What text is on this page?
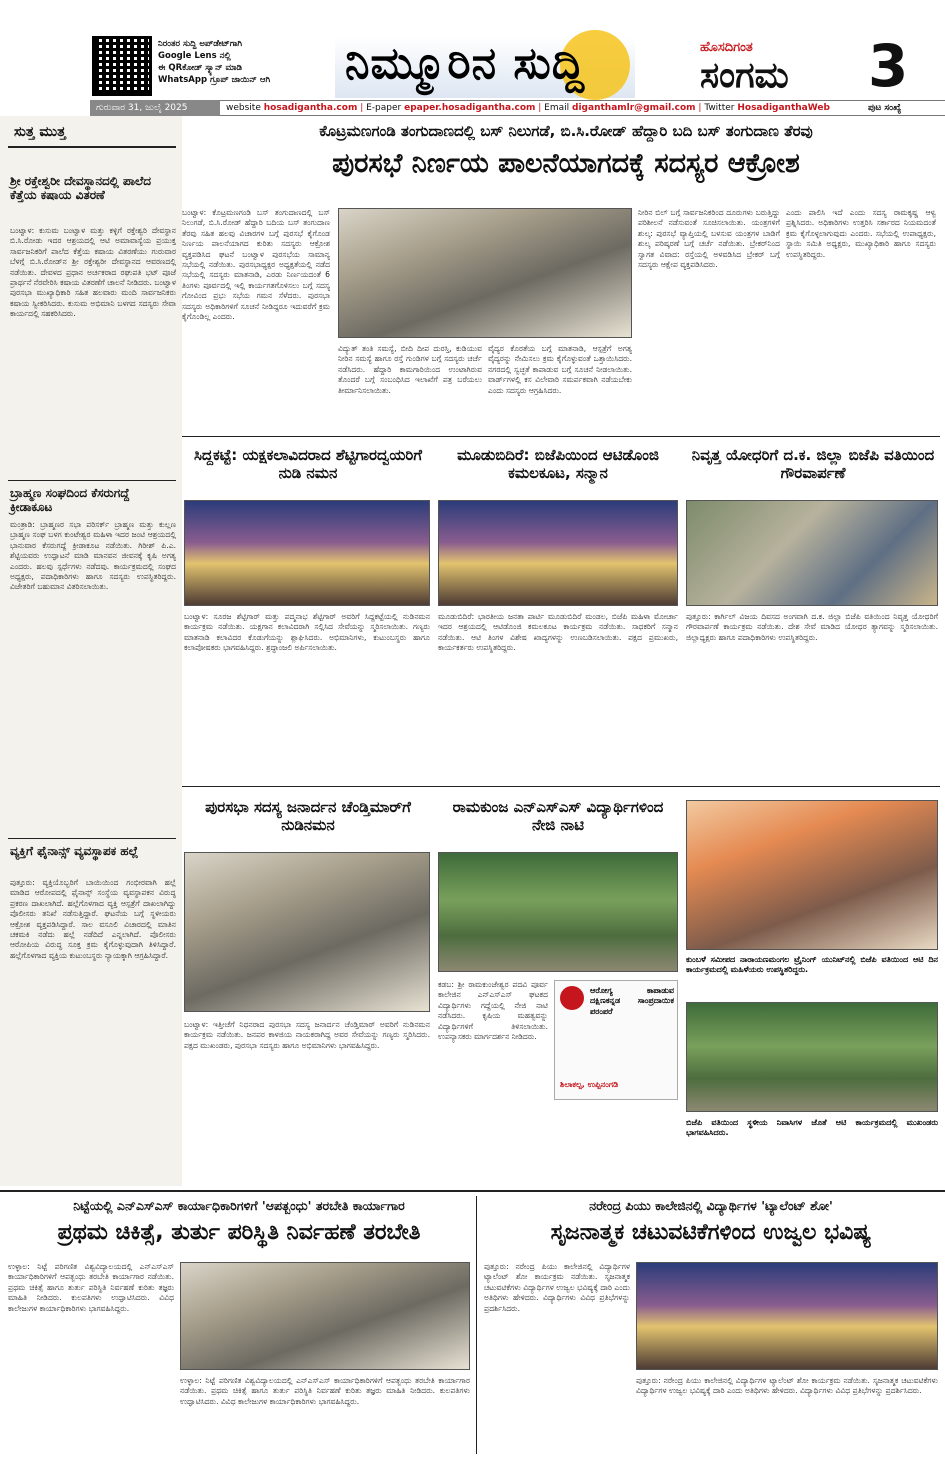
ನಿರಂತರ ಸುದ್ದಿ ಅಪ್‌ಡೇಟ್‌ಗಾಗಿ
Google Lens ನಲ್ಲಿ
ಈ QRಕೋಡ್ ಸ್ಕ್ಯಾನ್ ಮಾಡಿ
WhatsApp ಗ್ರೂಪ್ ಜಾಯಿನ್ ಆಗಿ	ನಿಮ್ಮೂರಿನ ಸುದ್ದಿ	ಹೊಸದಿಗಂತ
ಸಂಗಮ 3
ಗುರುವಾರ 31, ಜುಲೈ 2025	website hosadigantha.com | E-paper epaper.hosadigantha.com | Email diganthamlr@gmail.com | Twitter HosadiganthaWeb	ಪುಟ ಸಂಖ್ಯೆ
ಸುತ್ತ ಮುತ್ತ
ಶ್ರೀ ರಕ್ತೇಶ್ವರೀ ದೇವಸ್ಥಾನದಲ್ಲಿ ಪಾಲೆದ ಕೆತ್ತೆಯ ಕಷಾಯ ವಿತರಣೆ
ಬಂಟ್ವಾಳ: ಕುಸುಮ ಬಂಟ್ವಾಳ ಮತ್ತು ಕಳ್ಳಿಗೆ ರಕ್ತೇಶ್ವರಿ ದೇವಸ್ಥಾನ ಬಿ.ಸಿ.ರೋಡು ಇದರ ಆಶ್ರಯದಲ್ಲಿ ಆಟಿ ಅಮಾವಾಸ್ಯೆಯ ಪ್ರಯುಕ್ತ ಸಾರ್ವಜನಿಕರಿಗೆ ಪಾಲೆದ ಕೆತ್ತೆಯ ಕಷಾಯ ವಿತರಣೆಯು ಗುರುವಾರ ಬೆಳಗ್ಗೆ ಬಿ.ಸಿ.ರೋಡ್‌ನ ಶ್ರೀ ರಕ್ತೇಶ್ವರೀ ದೇವಸ್ಥಾನದ ಆವರಣದಲ್ಲಿ ನಡೆಯಿತು. ದೇವಳದ ಪ್ರಧಾನ ಅರ್ಚಕರಾದ ರಘುಪತಿ ಭಟ್ ಪೂಜೆ ಪ್ರಾರ್ಥನೆ ನೆರವೇರಿಸಿ ಕಷಾಯ ವಿತರಣೆಗೆ ಚಾಲನೆ ನೀಡಿದರು. ಬಂಟ್ವಾಳ ಪುರಸಭಾ ಮುಖ್ಯಾಧಿಕಾರಿ ಸಹಿತ ಹಲವಾರು ಮಂದಿ ಸಾರ್ವಜನಿಕರು ಕಷಾಯ ಸ್ವೀಕರಿಸಿದರು. ಕುಸುಮ ಅಭಿಮಾನಿ ಬಳಗದ ಸದಸ್ಯರು ಸೇವಾ ಕಾರ್ಯದಲ್ಲಿ ಸಹಕರಿಸಿದರು.
ಬ್ರಾಹ್ಮಣ ಸಂಘದಿಂದ ಕೆಸರುಗದ್ದೆ ಕ್ರೀಡಾಕೂಟ
ಮಂತ್ರಾಡಿ: ಬ್ರಾಹ್ಮಣರ ಸಭಾ ಪರಿಸರ್ಕ್ ಬ್ರಾಹ್ಮಣ ಮತ್ತು ಕುಲ್ಲಣ ಬ್ರಾಹ್ಮಣ ಸಂಘ ಬಳಗ ಕುಂಟೇಶ್ವರ ಮಹಿಳಾ ಇದರ ಜಂಟಿ ಆಶ್ರಯದಲ್ಲಿ ಭಾನುವಾರ ಕೆಸರುಗದ್ದೆ ಕ್ರೀಡಾಕೂಟ ನಡೆಯಿತು. ಗಿರೀಶ್ ಪಿ.ಎ. ಶೆಟ್ಟಿಯವರು ಉದ್ಘಾಟನೆ ಮಾಡಿ ಮಾನವನ ಜೀವನಕ್ಕೆ ಕೃಷಿ ಅಗತ್ಯ ಎಂದರು. ಹಲವು ಸ್ಪರ್ಧೆಗಳು ನಡೆದವು. ಕಾರ್ಯಕ್ರಮದಲ್ಲಿ ಸಂಘದ ಅಧ್ಯಕ್ಷರು, ಪದಾಧಿಕಾರಿಗಳು ಹಾಗೂ ಸದಸ್ಯರು ಉಪಸ್ಥಿತರಿದ್ದರು. ವಿಜೇತರಿಗೆ ಬಹುಮಾನ ವಿತರಿಸಲಾಯಿತು.
ವ್ಯಕ್ತಿಗೆ ಫೈನಾನ್ಸ್ ವ್ಯವಸ್ಥಾಪಕ ಹಲ್ಲೆ
ಪುತ್ತೂರು: ವ್ಯಕ್ತಿಯೊಬ್ಬರಿಗೆ ಬಾಯಿಯಿಂದ ಗಂಭೀರವಾಗಿ ಹಲ್ಲೆ ಮಾಡಿದ ಆರೋಪದಲ್ಲಿ ಫೈನಾನ್ಸ್ ಸಂಸ್ಥೆಯ ವ್ಯವಸ್ಥಾಪಕನ ವಿರುದ್ಧ ಪ್ರಕರಣ ದಾಖಲಾಗಿದೆ. ಹಲ್ಲೆಗೊಳಗಾದ ವ್ಯಕ್ತಿ ಆಸ್ಪತ್ರೆಗೆ ದಾಖಲಾಗಿದ್ದು ಪೊಲೀಸರು ತನಿಖೆ ನಡೆಸುತ್ತಿದ್ದಾರೆ. ಘಟನೆಯ ಬಗ್ಗೆ ಸ್ಥಳೀಯರು ಆಕ್ರೋಶ ವ್ಯಕ್ತಪಡಿಸಿದ್ದಾರೆ. ಸಾಲ ವಸೂಲಿ ವಿಚಾರದಲ್ಲಿ ಮಾತಿನ ಚಕಮಕಿ ನಡೆದು ಹಲ್ಲೆ ನಡೆದಿದೆ ಎನ್ನಲಾಗಿದೆ. ಪೊಲೀಸರು ಆರೋಪಿಯ ವಿರುದ್ಧ ಸೂಕ್ತ ಕ್ರಮ ಕೈಗೊಳ್ಳುವುದಾಗಿ ತಿಳಿಸಿದ್ದಾರೆ. ಹಲ್ಲೆಗೊಳಗಾದ ವ್ಯಕ್ತಿಯ ಕುಟುಂಬಸ್ಥರು ನ್ಯಾಯಕ್ಕಾಗಿ ಆಗ್ರಹಿಸಿದ್ದಾರೆ.
ಕೊಟ್ರಮಣಗಂಡಿ ತಂಗುದಾಣದಲ್ಲಿ ಬಸ್ ನಿಲುಗಡೆ, ಬಿ.ಸಿ.ರೋಡ್ ಹೆದ್ದಾರಿ ಬದಿ ಬಸ್ ತಂಗುದಾಣ ತೆರವು
ಪುರಸಭೆ ನಿರ್ಣಯ ಪಾಲನೆಯಾಗದಕ್ಕೆ ಸದಸ್ಯರ ಆಕ್ರೋಶ
ಬಂಟ್ವಾಳ: ಕೊಟ್ರಮಣಗಂಡಿ ಬಸ್ ತಂಗುದಾಣದಲ್ಲಿ ಬಸ್ ನಿಲುಗಡೆ, ಬಿ.ಸಿ.ರೋಡ್ ಹೆದ್ದಾರಿ ಬದಿಯ ಬಸ್ ತಂಗುದಾಣ ತೆರವು ಸಹಿತ ಹಲವು ವಿಚಾರಗಳ ಬಗ್ಗೆ ಪುರಸಭೆ ಕೈಗೊಂಡ ನಿರ್ಣಯ ಪಾಲನೆಯಾಗದ ಕುರಿತು ಸದಸ್ಯರು ಆಕ್ರೋಶ ವ್ಯಕ್ತಪಡಿಸಿದ ಘಟನೆ ಬಂಟ್ವಾಳ ಪುರಸಭೆಯ ಸಾಮಾನ್ಯ ಸಭೆಯಲ್ಲಿ ನಡೆಯಿತು. ಪುರಸಭಾಧ್ಯಕ್ಷರ ಅಧ್ಯಕ್ಷತೆಯಲ್ಲಿ ನಡೆದ ಸಭೆಯಲ್ಲಿ ಸದಸ್ಯರು ಮಾತನಾಡಿ, ಎರಡು ನಿರ್ಣಯದಂತೆ 6 ತಿಂಗಳು ಪೂರ್ವದಲ್ಲಿ ಇಲ್ಲಿ ಕಾರ್ಯಗತಗೊಳಿಸಲು ಬಗ್ಗೆ ಸದಸ್ಯ ಗೋವಿಂದ ಪ್ರಭು ಸಭೆಯ ಗಮನ ಸೆಳೆದರು. ಪುರಸಭಾ ಸದಸ್ಯರು ಅಧಿಕಾರಿಗಳಿಗೆ ಸೂಚನೆ ನೀಡಿದ್ದರೂ ಇದುವರೆಗೆ ಕ್ರಮ ಕೈಗೊಂಡಿಲ್ಲ ಎಂದರು.
ವಿದ್ಯುತ್ ತಂತಿ ಸಮಸ್ಯೆ, ಬೀದಿ ದೀಪ ದುರಸ್ತಿ, ಕುಡಿಯುವ ನೀರಿನ ಸಮಸ್ಯೆ ಹಾಗೂ ರಸ್ತೆ ಗುಂಡಿಗಳ ಬಗ್ಗೆ ಸದಸ್ಯರು ಚರ್ಚೆ ನಡೆಸಿದರು. ಹೆದ್ದಾರಿ ಕಾಮಗಾರಿಯಿಂದ ಉಂಟಾಗಿರುವ ತೊಂದರೆ ಬಗ್ಗೆ ಸಂಬಂಧಿಸಿದ ಇಲಾಖೆಗೆ ಪತ್ರ ಬರೆಯಲು ತೀರ್ಮಾನಿಸಲಾಯಿತು.
ವೈದ್ಯರ ಕೊರತೆಯ ಬಗ್ಗೆ ಮಾತನಾಡಿ, ಆಸ್ಪತ್ರೆಗೆ ಅಗತ್ಯ ವೈದ್ಯರನ್ನು ನೇಮಿಸಲು ಕ್ರಮ ಕೈಗೊಳ್ಳುವಂತೆ ಒತ್ತಾಯಿಸಿದರು. ನಗರದಲ್ಲಿ ಸ್ವಚ್ಛತೆ ಕಾಪಾಡುವ ಬಗ್ಗೆ ಸೂಚನೆ ನೀಡಲಾಯಿತು. ವಾರ್ಡ್‌ಗಳಲ್ಲಿ ಕಸ ವಿಲೇವಾರಿ ಸಮರ್ಪಕವಾಗಿ ನಡೆಯಬೇಕು ಎಂದು ಸದಸ್ಯರು ಆಗ್ರಹಿಸಿದರು.
ನೀರಿನ ಬಿಲ್ ಬಗ್ಗೆ ಸಾರ್ವಜನಿಕರಿಂದ ದೂರುಗಳು ಬರುತ್ತಿದ್ದು ಪರಿಶೀಲನೆ ನಡೆಸುವಂತೆ ಸೂಚಿಸಲಾಯಿತು. ಯಂತ್ರಗಳಿಗೆ ಶುಲ್ಕ: ಪುರಸಭೆ ವ್ಯಾಪ್ತಿಯಲ್ಲಿ ಬಳಸುವ ಯಂತ್ರಗಳ ಬಾಡಿಗೆ ಶುಲ್ಕ ಪರಿಷ್ಕರಣೆ ಬಗ್ಗೆ ಚರ್ಚೆ ನಡೆಯಿತು. ಬ್ರೇಕರ್‌ನಿಂದ ಸ್ವಾಗತ ವಿವಾದ: ರಸ್ತೆಯಲ್ಲಿ ಅಳವಡಿಸಿದ ಬ್ರೇಕರ್ ಬಗ್ಗೆ ಸದಸ್ಯರು ಆಕ್ಷೇಪ ವ್ಯಕ್ತಪಡಿಸಿದರು.
ಎಂದು ಪಾಲಿಸಿ ಇದೆ ಎಂದು ಸದಸ್ಯ ರಾಮಕೃಷ್ಣ ಆಳ್ವ ಪ್ರಶ್ನಿಸಿದರು. ಅಧಿಕಾರಿಗಳು ಉತ್ತರಿಸಿ ಸರ್ಕಾರದ ನಿಯಮದಂತೆ ಕ್ರಮ ಕೈಗೊಳ್ಳಲಾಗುವುದು ಎಂದರು. ಸಭೆಯಲ್ಲಿ ಉಪಾಧ್ಯಕ್ಷರು, ಸ್ಥಾಯಿ ಸಮಿತಿ ಅಧ್ಯಕ್ಷರು, ಮುಖ್ಯಾಧಿಕಾರಿ ಹಾಗೂ ಸದಸ್ಯರು ಉಪಸ್ಥಿತರಿದ್ದರು.
ಸಿದ್ದಕಟ್ಟೆ: ಯಕ್ಷಕಲಾವಿದರಾದ ಶೆಟ್ಟಿಗಾರದ್ವಯರಿಗೆ ನುಡಿ ನಮನ
ಬಂಟ್ವಾಳ: ಸೂರಜ ಶೆಟ್ಟಿಗಾರ್ ಮತ್ತು ಪದ್ಮನಾಭ ಶೆಟ್ಟಿಗಾರ್ ಅವರಿಗೆ ಸಿದ್ದಕಟ್ಟೆಯಲ್ಲಿ ನುಡಿನಮನ ಕಾರ್ಯಕ್ರಮ ನಡೆಯಿತು. ಯಕ್ಷಗಾನ ಕಲಾವಿದರಾಗಿ ಸಲ್ಲಿಸಿದ ಸೇವೆಯನ್ನು ಸ್ಮರಿಸಲಾಯಿತು. ಗಣ್ಯರು ಮಾತನಾಡಿ ಕಲಾವಿದರ ಕೊಡುಗೆಯನ್ನು ಶ್ಲಾಘಿಸಿದರು. ಅಭಿಮಾನಿಗಳು, ಕುಟುಂಬಸ್ಥರು ಹಾಗೂ ಕಲಾಪೋಷಕರು ಭಾಗವಹಿಸಿದ್ದರು. ಶ್ರದ್ಧಾಂಜಲಿ ಅರ್ಪಿಸಲಾಯಿತು.
ಮೂಡುಬಿದಿರೆ: ಬಿಜೆಪಿಯಿಂದ ಆಟಿಡೊಂಜಿ ಕಮಲಕೂಟ, ಸನ್ಮಾನ
ಮೂಡುಬಿದಿರೆ: ಭಾರತೀಯ ಜನತಾ ಪಾರ್ಟಿ ಮೂಡುಬಿದಿರೆ ಮಂಡಲ, ಬಿಜೆಪಿ ಮಹಿಳಾ ಮೋರ್ಚಾ ಇದರ ಆಶ್ರಯದಲ್ಲಿ ಆಟಿಡೊಂಜಿ ಕಮಲಕೂಟ ಕಾರ್ಯಕ್ರಮ ನಡೆಯಿತು. ಸಾಧಕರಿಗೆ ಸನ್ಮಾನ ನಡೆಯಿತು. ಆಟಿ ತಿಂಗಳ ವಿಶೇಷ ಖಾದ್ಯಗಳನ್ನು ಉಣಬಡಿಸಲಾಯಿತು. ಪಕ್ಷದ ಪ್ರಮುಖರು, ಕಾರ್ಯಕರ್ತರು ಉಪಸ್ಥಿತರಿದ್ದರು.
ನಿವೃತ್ತ ಯೋಧರಿಗೆ ದ.ಕ. ಜಿಲ್ಲಾ ಬಿಜೆಪಿ ವತಿಯಿಂದ ಗೌರವಾರ್ಪಣೆ
ಪುತ್ತೂರು: ಕಾರ್ಗಿಲ್ ವಿಜಯ ದಿವಸದ ಅಂಗವಾಗಿ ದ.ಕ. ಜಿಲ್ಲಾ ಬಿಜೆಪಿ ವತಿಯಿಂದ ನಿವೃತ್ತ ಯೋಧರಿಗೆ ಗೌರವಾರ್ಪಣೆ ಕಾರ್ಯಕ್ರಮ ನಡೆಯಿತು. ದೇಶ ಸೇವೆ ಮಾಡಿದ ಯೋಧರ ತ್ಯಾಗವನ್ನು ಸ್ಮರಿಸಲಾಯಿತು. ಜಿಲ್ಲಾಧ್ಯಕ್ಷರು ಹಾಗೂ ಪದಾಧಿಕಾರಿಗಳು ಉಪಸ್ಥಿತರಿದ್ದರು.
ಪುರಸಭಾ ಸದಸ್ಯ ಜನಾರ್ದನ ಚೆಂಡ್ತಿಮಾರ್‌ಗೆ ನುಡಿನಮನ
ಬಂಟ್ವಾಳ: ಇತ್ತೀಚೆಗೆ ನಿಧನರಾದ ಪುರಸಭಾ ಸದಸ್ಯ ಜನಾರ್ದನ ಚೆಂಡ್ತಿಮಾರ್ ಅವರಿಗೆ ನುಡಿನಮನ ಕಾರ್ಯಕ್ರಮ ನಡೆಯಿತು. ಜನಪರ ಕಾಳಜಿಯ ನಾಯಕರಾಗಿದ್ದ ಅವರ ಸೇವೆಯನ್ನು ಗಣ್ಯರು ಸ್ಮರಿಸಿದರು. ಪಕ್ಷದ ಮುಖಂಡರು, ಪುರಸಭಾ ಸದಸ್ಯರು ಹಾಗೂ ಅಭಿಮಾನಿಗಳು ಭಾಗವಹಿಸಿದ್ದರು.
ರಾಮಕುಂಜ ಎನ್‌ಎಸ್‌ಎಸ್ ವಿದ್ಯಾರ್ಥಿಗಳಿಂದ ನೇಜಿ ನಾಟಿ
ಕಡಬ: ಶ್ರೀ ರಾಮಕುಂಜೇಶ್ವರ ಪದವಿ ಪೂರ್ವ ಕಾಲೇಜಿನ ಎನ್‌ಎಸ್‌ಎಸ್ ಘಟಕದ ವಿದ್ಯಾರ್ಥಿಗಳು ಗದ್ದೆಯಲ್ಲಿ ನೇಜಿ ನಾಟಿ ನಡೆಸಿದರು. ಕೃಷಿಯ ಮಹತ್ವವನ್ನು ವಿದ್ಯಾರ್ಥಿಗಳಿಗೆ ತಿಳಿಸಲಾಯಿತು. ಉಪನ್ಯಾಸಕರು ಮಾರ್ಗದರ್ಶನ ನೀಡಿದರು.
ಆರೋಗ್ಯ ಕಾಪಾಡುವ ದಕ್ಷಿಣಕನ್ನಡ ಸಾಂಪ್ರದಾಯಿಕ ಪರಂಪರೆ
ಶಿಲಾಕಲ್ಪ, ಉಪ್ಪಿನಂಗಡಿ
ಕುಂಬಳೆ ಸಮೀಪದ ನಾರಾಯಣಮಂಗಲ ಟ್ರೈನಿಂಗ್ ಯುನಿಟ್‌ನಲ್ಲಿ ಬಿಜೆಪಿ ವತಿಯಿಂದ ಆಟಿ ದಿನ ಕಾರ್ಯಕ್ರಮದಲ್ಲಿ ಮಹಿಳೆಯರು ಉಪಸ್ಥಿತರಿದ್ದರು.
ಬಿಜೆಪಿ ವತಿಯಿಂದ ಸ್ಥಳೀಯ ನಿವಾಸಿಗಳ ಜೊತೆ ಆಟಿ ಕಾರ್ಯಕ್ರಮದಲ್ಲಿ ಮುಖಂಡರು ಭಾಗವಹಿಸಿದರು.
ನಿಟ್ಟೆಯಲ್ಲಿ ಎನ್ಎಸ್ಎಸ್ ಕಾರ್ಯಾಧಿಕಾರಿಗಳಿಗೆ 'ಆಪತ್ಬಂಧು' ತರಬೇತಿ ಕಾರ್ಯಾಗಾರ
ಪ್ರಥಮ ಚಿಕಿತ್ಸೆ, ತುರ್ತು ಪರಿಸ್ಥಿತಿ ನಿರ್ವಹಣೆ ತರಬೇತಿ
ಉಳ್ಳಾಲ: ನಿಟ್ಟೆ ಪರಿಗಣಿತ ವಿಶ್ವವಿದ್ಯಾಲಯದಲ್ಲಿ ಎನ್‌ಎಸ್‌ಎಸ್ ಕಾರ್ಯಾಧಿಕಾರಿಗಳಿಗೆ ಆಪತ್ಬಂಧು ತರಬೇತಿ ಕಾರ್ಯಾಗಾರ ನಡೆಯಿತು. ಪ್ರಥಮ ಚಿಕಿತ್ಸೆ ಹಾಗೂ ತುರ್ತು ಪರಿಸ್ಥಿತಿ ನಿರ್ವಹಣೆ ಕುರಿತು ತಜ್ಞರು ಮಾಹಿತಿ ನೀಡಿದರು. ಕುಲಪತಿಗಳು ಉದ್ಘಾಟಿಸಿದರು. ವಿವಿಧ ಕಾಲೇಜುಗಳ ಕಾರ್ಯಾಧಿಕಾರಿಗಳು ಭಾಗವಹಿಸಿದ್ದರು.
ಉಳ್ಳಾಲ: ನಿಟ್ಟೆ ಪರಿಗಣಿತ ವಿಶ್ವವಿದ್ಯಾಲಯದಲ್ಲಿ ಎನ್‌ಎಸ್‌ಎಸ್ ಕಾರ್ಯಾಧಿಕಾರಿಗಳಿಗೆ ಆಪತ್ಬಂಧು ತರಬೇತಿ ಕಾರ್ಯಾಗಾರ ನಡೆಯಿತು. ಪ್ರಥಮ ಚಿಕಿತ್ಸೆ ಹಾಗೂ ತುರ್ತು ಪರಿಸ್ಥಿತಿ ನಿರ್ವಹಣೆ ಕುರಿತು ತಜ್ಞರು ಮಾಹಿತಿ ನೀಡಿದರು. ಕುಲಪತಿಗಳು ಉದ್ಘಾಟಿಸಿದರು. ವಿವಿಧ ಕಾಲೇಜುಗಳ ಕಾರ್ಯಾಧಿಕಾರಿಗಳು ಭಾಗವಹಿಸಿದ್ದರು.
ನರೇಂದ್ರ ಪಿಯು ಕಾಲೇಜಿನಲ್ಲಿ ವಿದ್ಯಾರ್ಥಿಗಳ 'ಟ್ಯಾಲೆಂಟ್ ಶೋ'
ಸೃಜನಾತ್ಮಕ ಚಟುವಟಿಕೆಗಳಿಂದ ಉಜ್ವಲ ಭವಿಷ್ಯ
ಪುತ್ತೂರು: ನರೇಂದ್ರ ಪಿಯು ಕಾಲೇಜಿನಲ್ಲಿ ವಿದ್ಯಾರ್ಥಿಗಳ ಟ್ಯಾಲೆಂಟ್ ಶೋ ಕಾರ್ಯಕ್ರಮ ನಡೆಯಿತು. ಸೃಜನಾತ್ಮಕ ಚಟುವಟಿಕೆಗಳು ವಿದ್ಯಾರ್ಥಿಗಳ ಉಜ್ವಲ ಭವಿಷ್ಯಕ್ಕೆ ದಾರಿ ಎಂದು ಅತಿಥಿಗಳು ಹೇಳಿದರು. ವಿದ್ಯಾರ್ಥಿಗಳು ವಿವಿಧ ಪ್ರತಿಭೆಗಳನ್ನು ಪ್ರದರ್ಶಿಸಿದರು.
ಪುತ್ತೂರು: ನರೇಂದ್ರ ಪಿಯು ಕಾಲೇಜಿನಲ್ಲಿ ವಿದ್ಯಾರ್ಥಿಗಳ ಟ್ಯಾಲೆಂಟ್ ಶೋ ಕಾರ್ಯಕ್ರಮ ನಡೆಯಿತು. ಸೃಜನಾತ್ಮಕ ಚಟುವಟಿಕೆಗಳು ವಿದ್ಯಾರ್ಥಿಗಳ ಉಜ್ವಲ ಭವಿಷ್ಯಕ್ಕೆ ದಾರಿ ಎಂದು ಅತಿಥಿಗಳು ಹೇಳಿದರು. ವಿದ್ಯಾರ್ಥಿಗಳು ವಿವಿಧ ಪ್ರತಿಭೆಗಳನ್ನು ಪ್ರದರ್ಶಿಸಿದರು.
